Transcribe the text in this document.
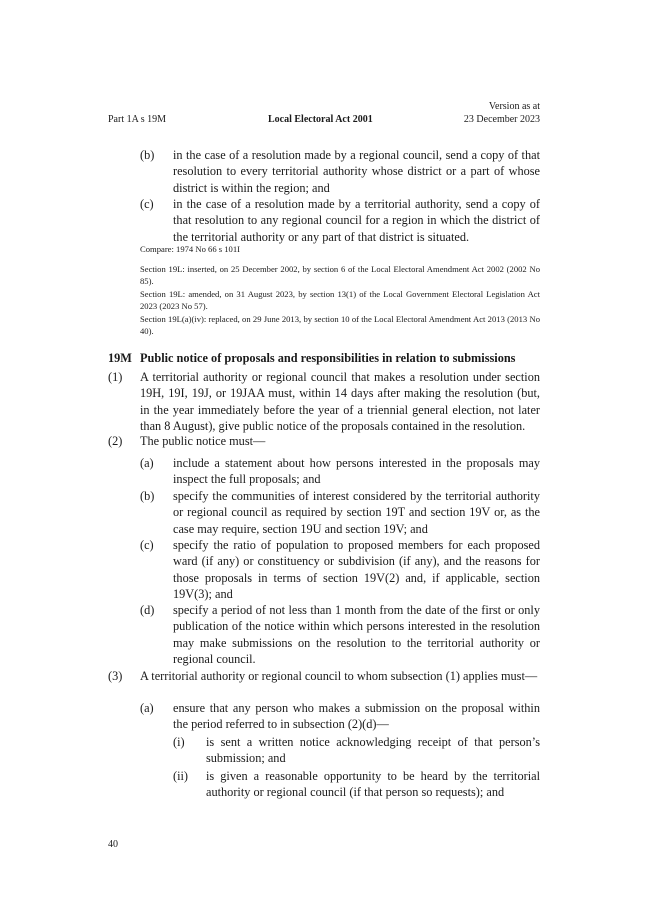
Version as at
Part 1A s 19M	Local Electoral Act 2001	23 December 2023
(b) in the case of a resolution made by a regional council, send a copy of that resolution to every territorial authority whose district or a part of whose district is within the region; and
(c) in the case of a resolution made by a territorial authority, send a copy of that resolution to any regional council for a region in which the district of the territorial authority or any part of that district is situated.
Compare: 1974 No 66 s 101I
Section 19L: inserted, on 25 December 2002, by section 6 of the Local Electoral Amendment Act 2002 (2002 No 85).
Section 19L: amended, on 31 August 2023, by section 13(1) of the Local Government Electoral Legislation Act 2023 (2023 No 57).
Section 19L(a)(iv): replaced, on 29 June 2013, by section 10 of the Local Electoral Amendment Act 2013 (2013 No 40).
19M Public notice of proposals and responsibilities in relation to submissions
(1) A territorial authority or regional council that makes a resolution under section 19H, 19I, 19J, or 19JAA must, within 14 days after making the resolution (but, in the year immediately before the year of a triennial general election, not later than 8 August), give public notice of the proposals contained in the resolution.
(2) The public notice must—
(a) include a statement about how persons interested in the proposals may inspect the full proposals; and
(b) specify the communities of interest considered by the territorial authority or regional council as required by section 19T and section 19V or, as the case may require, section 19U and section 19V; and
(c) specify the ratio of population to proposed members for each proposed ward (if any) or constituency or subdivision (if any), and the reasons for those proposals in terms of section 19V(2) and, if applicable, section 19V(3); and
(d) specify a period of not less than 1 month from the date of the first or only publication of the notice within which persons interested in the resolution may make submissions on the resolution to the territorial authority or regional council.
(3) A territorial authority or regional council to whom subsection (1) applies must—
(a) ensure that any person who makes a submission on the proposal within the period referred to in subsection (2)(d)—
(i) is sent a written notice acknowledging receipt of that person’s submission; and
(ii) is given a reasonable opportunity to be heard by the territorial authority or regional council (if that person so requests); and
40
